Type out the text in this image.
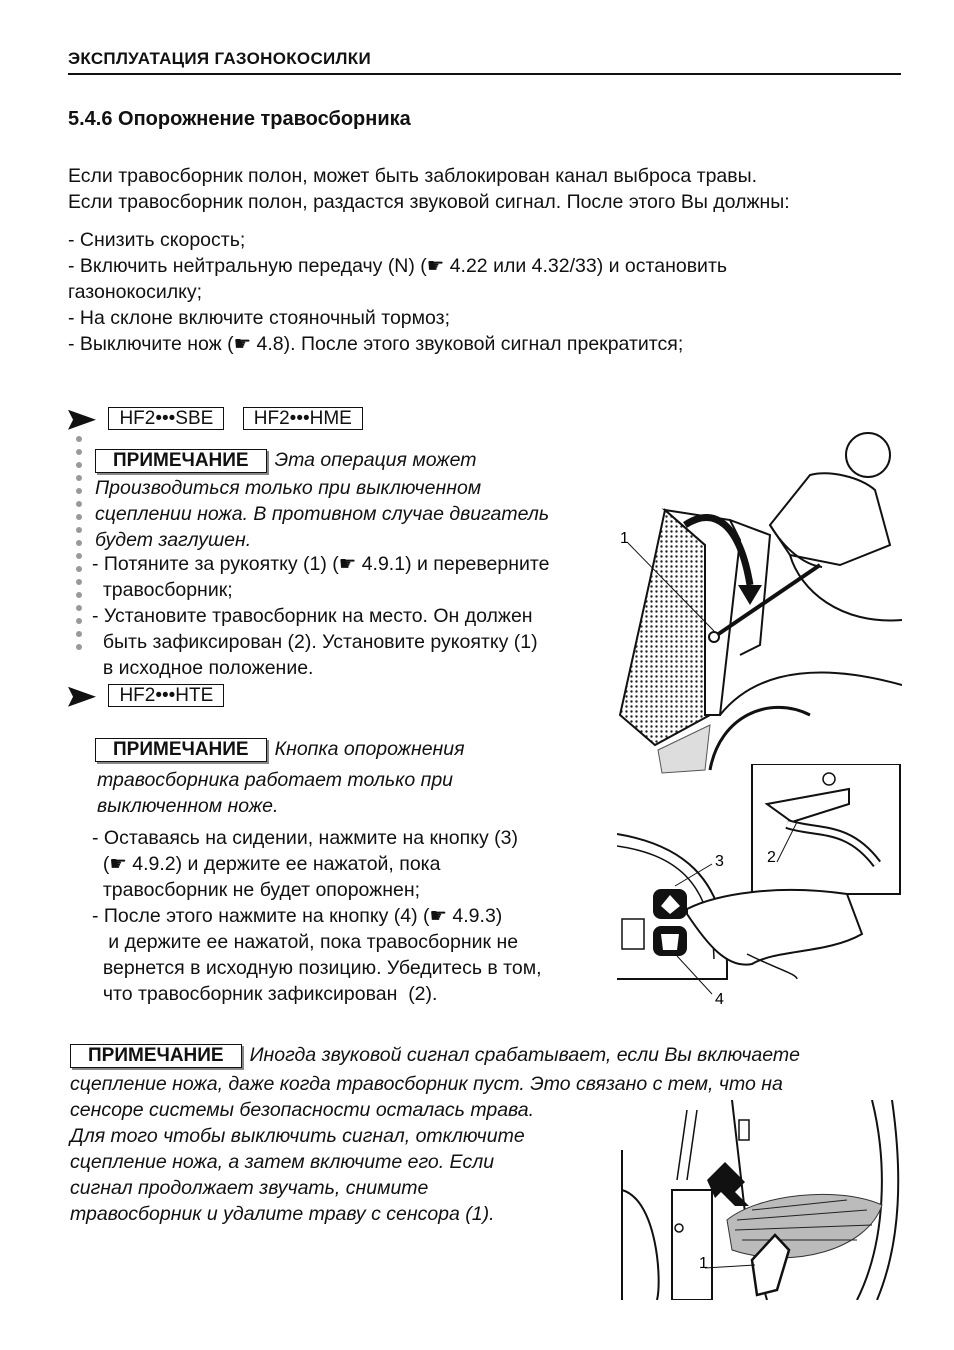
ЭКСПЛУАТАЦИЯ ГАЗОНОКОСИЛКИ
5.4.6 Опорожнение травосборника
Если травосборник полон, может быть заблокирован канал выброса травы.
Если травосборник полон, раздастся звуковой сигнал. После этого Вы должны:
- Снизить скорость;
- Включить нейтральную передачу (N) (☛ 4.22 или 4.32/33) и остановить
газонокосилку;
- На склоне включите стояночный тормоз;
- Выключите нож (☛ 4.8). После этого звуковой сигнал прекратится;
HF2•••SBE HF2•••HME
ПРИМЕЧАНИЕ Эта операция может
Производиться только при выключенном
сцеплении ножа. В противном случае двигатель
будет заглушен.
- Потяните за рукоятку (1) (☛ 4.9.1) и переверните
травосборник;
- Установите травосборник на место. Он должен
быть зафиксирован (2). Установите рукоятку (1)
в исходное положение.
HF2•••HTE
ПРИМЕЧАНИЕ Кнопка опорожнения
травосборника работает только при
выключенном ноже.
- Оставаясь на сидении, нажмите на кнопку (3)
(☛ 4.9.2) и держите ее нажатой, пока
травосборник не будет опорожнен;
- После этого нажмите на кнопку (4) (☛ 4.9.3)
и держите ее нажатой, пока травосборник не
вернется в исходную позицию. Убедитесь в том,
что травосборник зафиксирован  (2).
ПРИМЕЧАНИЕ Иногда звуковой сигнал срабатывает, если Вы включаете
сцепление ножа, даже когда травосборник пуст. Это связано с тем, что на
сенсоре системы безопасности осталась трава.
Для того чтобы выключить сигнал, отключите
сцепление ножа, а затем включите его. Если
сигнал продолжает звучать, снимите
травосборник и удалите траву с сенсора (1).
1
2
3
4
1
